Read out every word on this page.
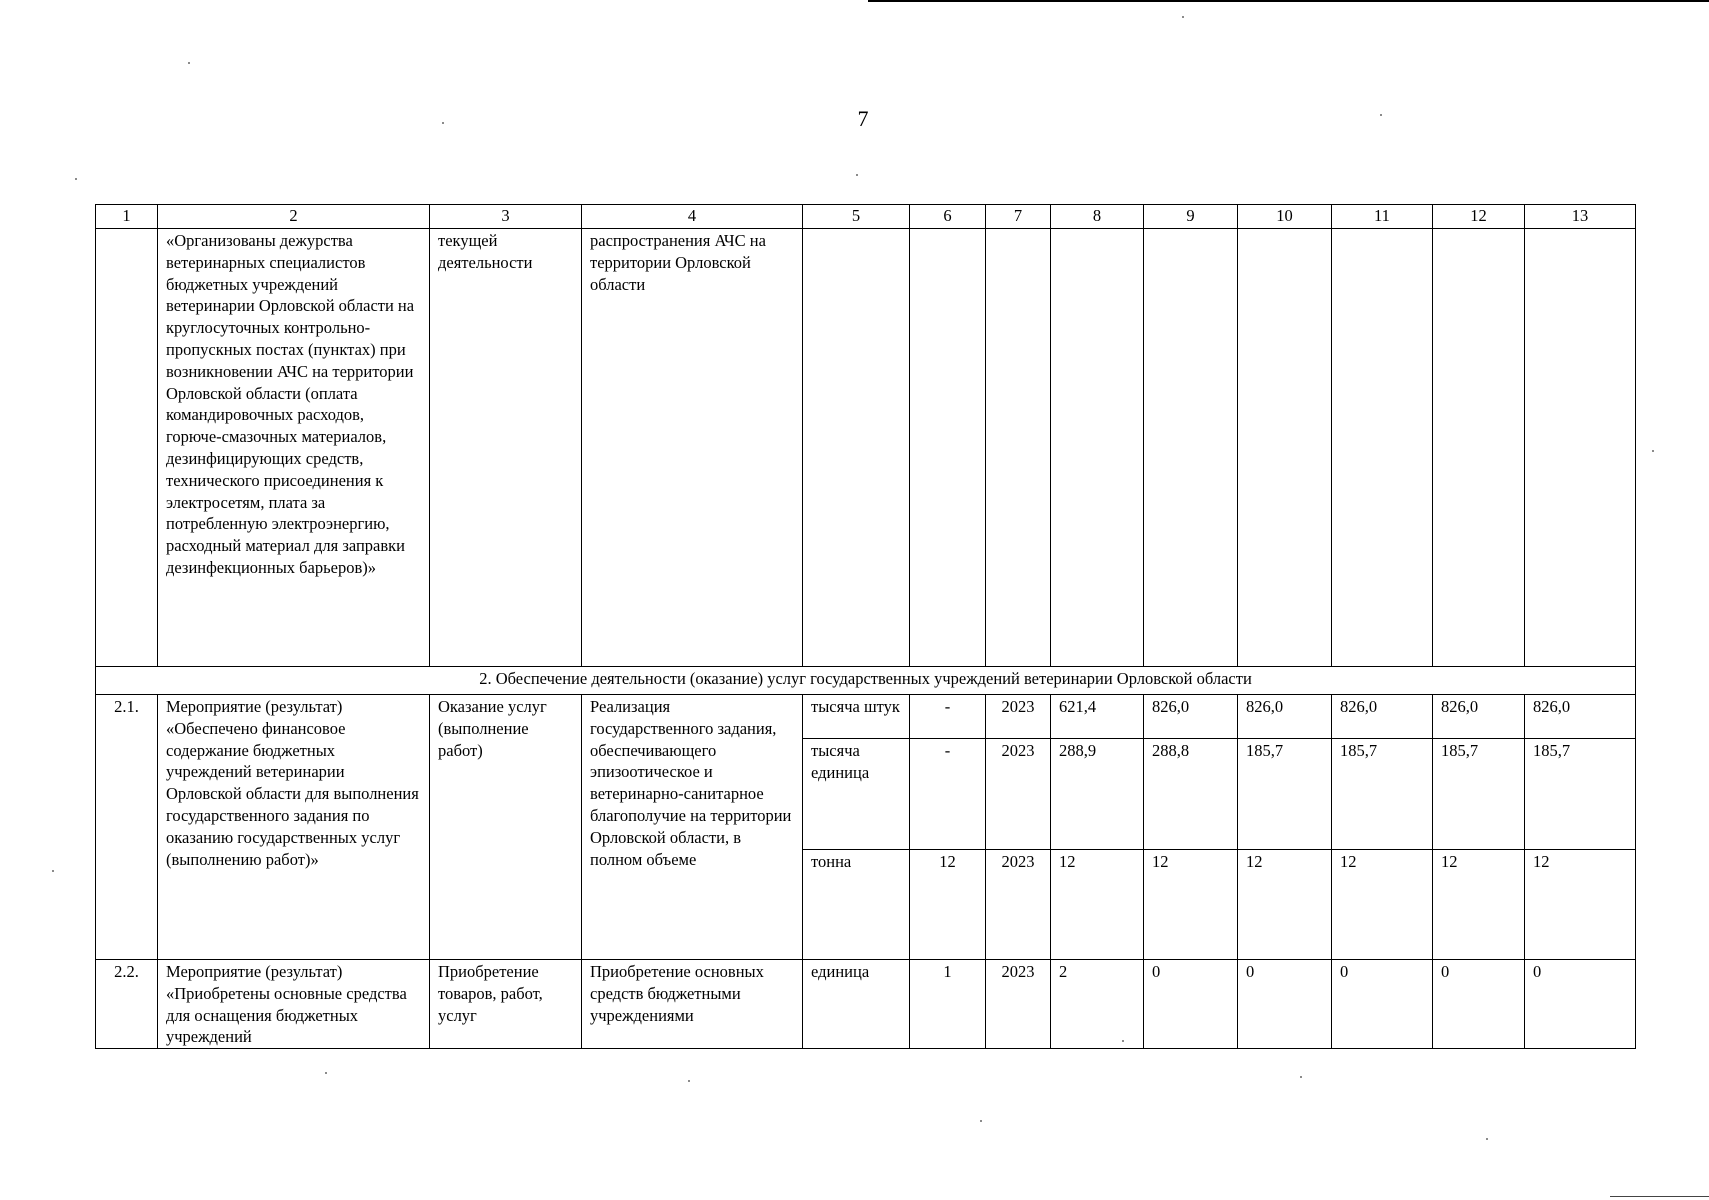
7
1	2	3	4	5	6	7	8	9	10	11	12	13
	«Организованы дежурства ветеринарных специалистов бюджетных учреждений ветеринарии Орловской области на круглосуточных контрольно-пропускных постах (пунктах) при возникновении АЧС на территории Орловской области (оплата командировочных расходов, горюче-смазочных материалов, дезинфицирующих средств, технического присоединения к электросетям, плата за потребленную электроэнергию, расходный материал для заправки дезинфекционных барьеров)»	текущей деятельности	распространения АЧС на территории Орловской области									
2. Обеспечение деятельности (оказание) услуг государственных учреждений ветеринарии Орловской области												
2.1.	Мероприятие (результат) «Обеспечено финансовое содержание бюджетных учреждений ветеринарии Орловской области для выполнения государственного задания по оказанию государственных услуг (выполнению работ)»	Оказание услуг (выполнение работ)	Реализация государственного задания, обеспечивающего эпизоотическое и ветеринарно-санитарное благополучие на территории Орловской области, в полном объеме	тысяча штук	-	2023	621,4	826,0	826,0	826,0	826,0	826,0
				тысяча единица	-	2023	288,9	288,8	185,7	185,7	185,7	185,7
				тонна	12	2023	12	12	12	12	12	12
2.2.	Мероприятие (результат) «Приобретены основные средства для оснащения бюджетных учреждений	Приобретение товаров, работ, услуг	Приобретение основных средств бюджетными учреждениями	единица	1	2023	2	0	0	0	0	0
